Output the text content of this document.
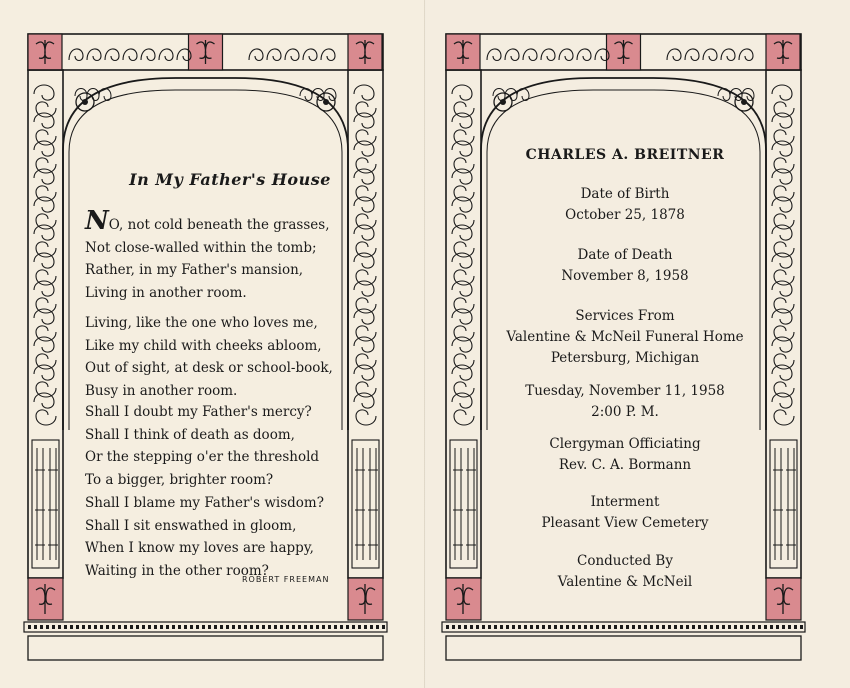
In My Father's House
NO, not cold beneath the grasses,
Not close-walled within the tomb;
Rather, in my Father's mansion,
Living in another room.
Living, like the one who loves me,
Like my child with cheeks abloom,
Out of sight, at desk or school-book,
Busy in another room.
Shall I doubt my Father's mercy?
Shall I think of death as doom,
Or the stepping o'er the threshold
To a bigger, brighter room?
Shall I blame my Father's wisdom?
Shall I sit enswathed in gloom,
When I know my loves are happy,
Waiting in the other room?
ROBERT FREEMAN
CHARLES A. BREITNER
Date of Birth
October 25, 1878
Date of Death
November 8, 1958
Services From
Valentine & McNeil Funeral Home
Petersburg, Michigan
Tuesday, November 11, 1958
2:00 P. M.
Clergyman Officiating
Rev. C. A. Bormann
Interment
Pleasant View Cemetery
Conducted By
Valentine & McNeil
